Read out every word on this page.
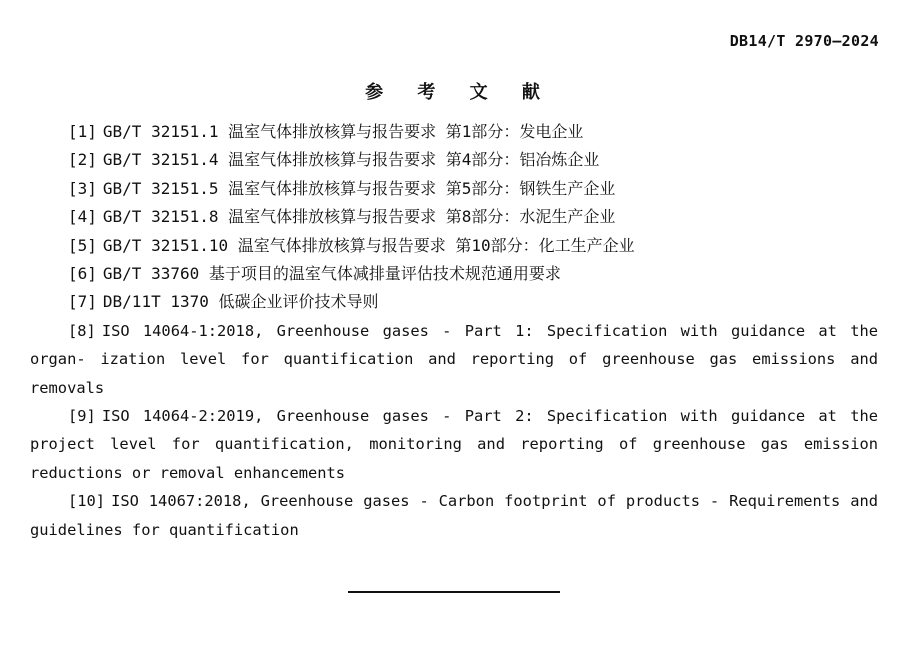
DB14/T 2970—2024
参 考 文 献
[1] GB/T 32151.1 温室气体排放核算与报告要求 第1部分：发电企业
[2] GB/T 32151.4 温室气体排放核算与报告要求 第4部分：铝冶炼企业
[3] GB/T 32151.5 温室气体排放核算与报告要求 第5部分：钢铁生产企业
[4] GB/T 32151.8 温室气体排放核算与报告要求 第8部分：水泥生产企业
[5] GB/T 32151.10 温室气体排放核算与报告要求 第10部分：化工生产企业
[6] GB/T 33760 基于项目的温室气体减排量评估技术规范通用要求
[7] DB/11T 1370 低碳企业评价技术导则
[8] ISO 14064-1:2018, Greenhouse gases - Part 1: Specification with guidance at the organ- ization level for quantification and reporting of greenhouse gas emissions and removals
[9] ISO 14064-2:2019, Greenhouse gases - Part 2: Specification with guidance at the project level for quantification, monitoring and reporting of greenhouse gas emission reductions or removal enhancements
[10] ISO 14067:2018, Greenhouse gases - Carbon footprint of products - Requirements and guidelines for quantification
